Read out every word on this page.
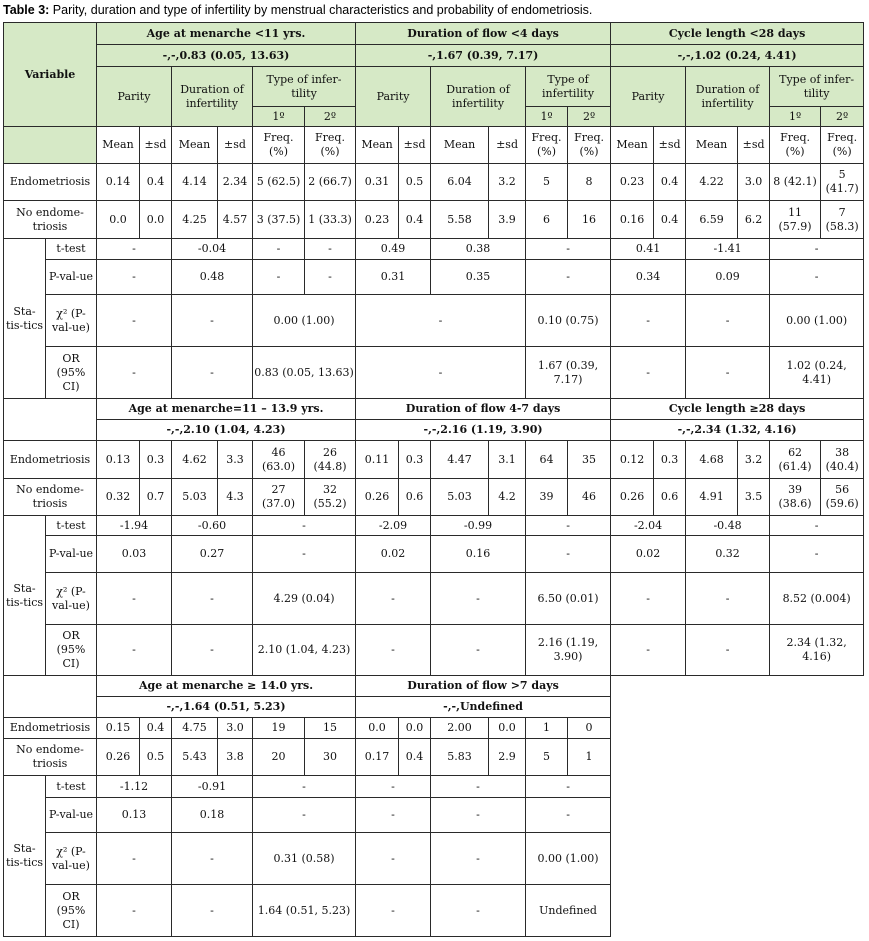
Table 3: Parity, duration and type of infertility by menstrual characteristics and probability of endometriosis.
Variable		Age at menarche <11 yrs.						Duration of flow <4 days						Cycle length <28 days					
		-,-,0.83 (0.05, 13.63)						-,1.67 (0.39, 7.17)						-,-,1.02 (0.24, 4.41)					
		Parity		Duration of infertility		Type of infer-tility		Parity		Duration of infertility		Type of infertility		Parity		Duration of infertility		Type of infer-tility	
						1º	2º					1º	2º					1º	2º
		Mean	±sd	Mean	±sd	Freq. (%)	Freq. (%)	Mean	±sd	Mean	±sd	Freq. (%)	Freq. (%)	Mean	±sd	Mean	±sd	Freq. (%)	Freq. (%)
Endometriosis		0.14	0.4	4.14	2.34	5 (62.5)	2 (66.7)	0.31	0.5	6.04	3.2	5	8	0.23	0.4	4.22	3.0	8 (42.1)	5 (41.7)
No endome-triosis		0.0	0.0	4.25	4.57	3 (37.5)	1 (33.3)	0.23	0.4	5.58	3.9	6	16	0.16	0.4	6.59	6.2	11 (57.9)	7 (58.3)
Sta-tis-tics	t-test	-		-0.04		-	-	0.49		0.38		-		0.41		-1.41		-	
	P-val-ue	-		0.48		-	-	0.31		0.35		-		0.34		0.09		-	
	χ² (P-val-ue)	-		-		0.00 (1.00)		-				0.10 (0.75)		-		-		0.00 (1.00)	
	OR (95% CI)	-		-		0.83 (0.05, 13.63)		-				1.67 (0.39, 7.17)		-		-		1.02 (0.24, 4.41)	
		Age at menarche=11 – 13.9 yrs.						Duration of flow 4-7 days						Cycle length ≥28 days					
		-,-,2.10 (1.04, 4.23)						-,-,2.16 (1.19, 3.90)						-,-,2.34 (1.32, 4.16)					
Endometriosis		0.13	0.3	4.62	3.3	46 (63.0)	26 (44.8)	0.11	0.3	4.47	3.1	64	35	0.12	0.3	4.68	3.2	62 (61.4)	38 (40.4)
No endome-triosis		0.32	0.7	5.03	4.3	27 (37.0)	32 (55.2)	0.26	0.6	5.03	4.2	39	46	0.26	0.6	4.91	3.5	39 (38.6)	56 (59.6)
Sta-tis-tics	t-test	-1.94		-0.60		-		-2.09		-0.99		-		-2.04		-0.48		-	
	P-val-ue	0.03		0.27		-		0.02		0.16		-		0.02		0.32		-	
	χ² (P-val-ue)	-		-		4.29 (0.04)		-		-		6.50 (0.01)		-		-		8.52 (0.004)	
	OR (95% CI)	-		-		2.10 (1.04, 4.23)		-		-		2.16 (1.19, 3.90)		-		-		2.34 (1.32, 4.16)	
		Age at menarche ≥ 14.0 yrs.						Duration of flow >7 days											
		-,-,1.64 (0.51, 5.23)						-,-,Undefined											
Endometriosis		0.15	0.4	4.75	3.0	19	15	0.0	0.0	2.00	0.0	1	0						
No endome-triosis		0.26	0.5	5.43	3.8	20	30	0.17	0.4	5.83	2.9	5	1						
Sta-tis-tics	t-test	-1.12		-0.91		-		-		-		-							
	P-val-ue	0.13		0.18		-		-		-		-							
	χ² (P-val-ue)	-		-		0.31 (0.58)		-		-		0.00 (1.00)							
	OR (95% CI)	-		-		1.64 (0.51, 5.23)		-		-		Undefined							
